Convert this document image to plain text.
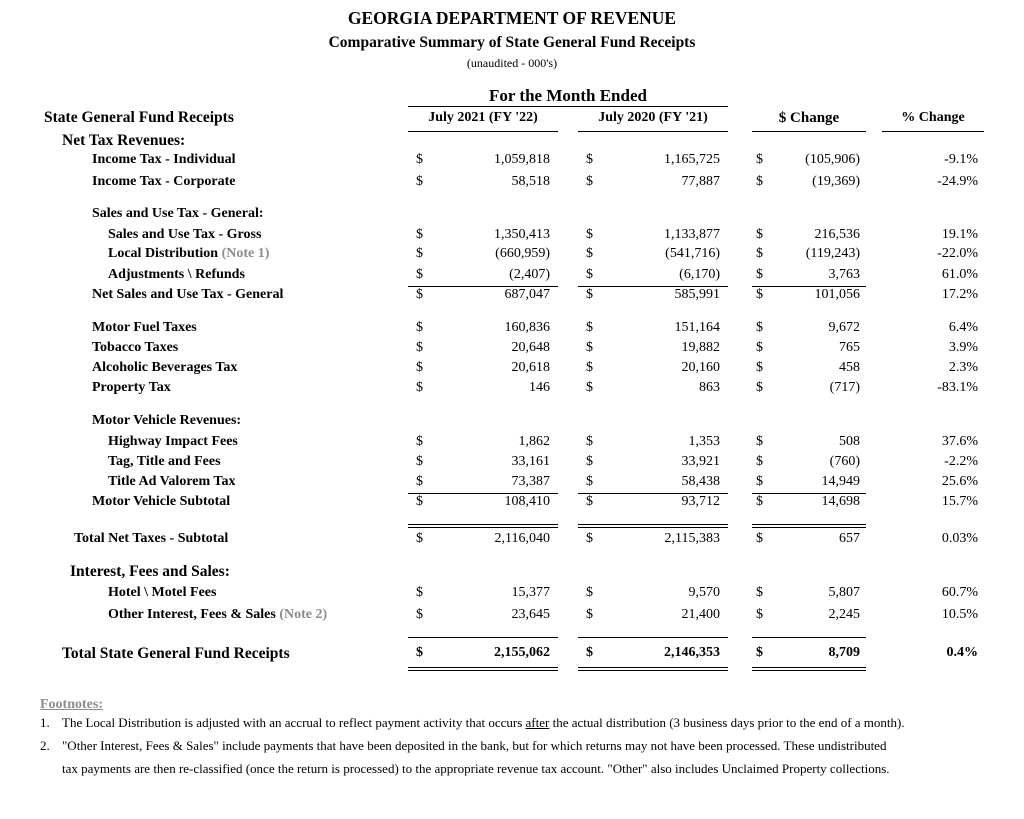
GEORGIA DEPARTMENT OF REVENUE
Comparative Summary of State General Fund Receipts
(unaudited - 000's)
For the Month Ended
State General Fund Receipts
Net Tax Revenues:
July 2021 (FY '22)	July 2020 (FY '21)	$ Change	% Change
Income Tax - Individual	$	1,059,818	$	1,165,725	$	(105,906)	-9.1%
Income Tax - Corporate	$	58,518	$	77,887	$	(19,369)	-24.9%
Sales and Use Tax - General:
Sales and Use Tax - Gross	$	1,350,413	$	1,133,877	$	216,536	19.1%
Local Distribution (Note 1)	$	(660,959)	$	(541,716)	$	(119,243)	-22.0%
Adjustments \ Refunds	$	(2,407)	$	(6,170)	$	3,763	61.0%
Net Sales and Use Tax - General	$	687,047	$	585,991	$	101,056	17.2%
Motor Fuel Taxes	$	160,836	$	151,164	$	9,672	6.4%
Tobacco Taxes	$	20,648	$	19,882	$	765	3.9%
Alcoholic Beverages Tax	$	20,618	$	20,160	$	458	2.3%
Property Tax	$	146	$	863	$	(717)	-83.1%
Motor Vehicle Revenues:
Highway Impact Fees	$	1,862	$	1,353	$	508	37.6%
Tag, Title and Fees	$	33,161	$	33,921	$	(760)	-2.2%
Title Ad Valorem Tax	$	73,387	$	58,438	$	14,949	25.6%
Motor Vehicle Subtotal	$	108,410	$	93,712	$	14,698	15.7%
Total Net Taxes - Subtotal	$	2,116,040	$	2,115,383	$	657	0.03%
Interest, Fees and Sales:
Hotel \ Motel Fees	$	15,377	$	9,570	$	5,807	60.7%
Other Interest, Fees & Sales (Note 2)	$	23,645	$	21,400	$	2,245	10.5%
Total State General Fund Receipts	$	2,155,062	$	2,146,353	$	8,709	0.4%
Footnotes:
1. The Local Distribution is adjusted with an accrual to reflect payment activity that occurs after the actual distribution (3 business days prior to the end of a month).
2. "Other Interest, Fees & Sales" include payments that have been deposited in the bank, but for which returns may not have been processed. These undistributed
tax payments are then re-classified (once the return is processed) to the appropriate revenue tax account. "Other" also includes Unclaimed Property collections.
